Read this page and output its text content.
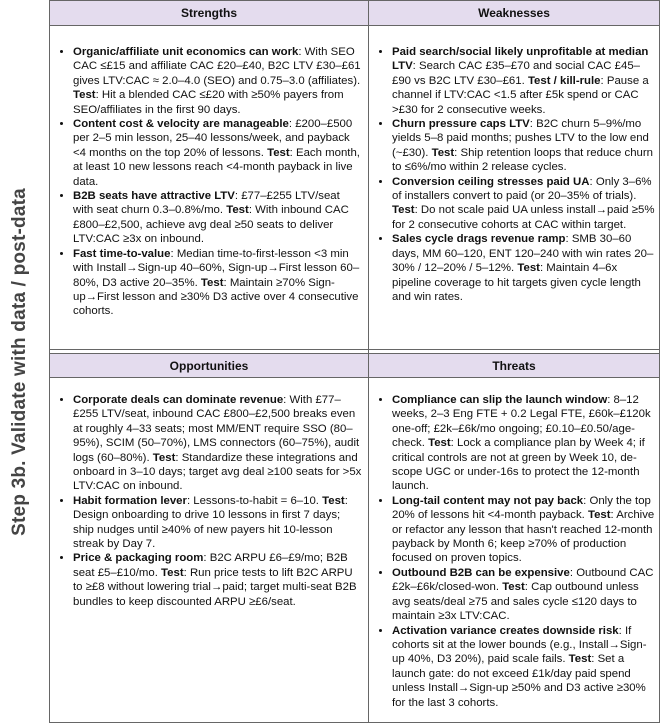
Step 3b. Validate with data / post-data
Strengths
• Organic/affiliate unit economics can work: With SEO CAC ≤£15 and affiliate CAC £20–£40, B2C LTV £30–£61 gives LTV:CAC ≈ 2.0–4.0 (SEO) and 0.75–3.0 (affiliates). Test: Hit a blended CAC ≤£20 with ≥50% payers from SEO/affiliates in the first 90 days.
• Content cost & velocity are manageable: £200–£500 per 2–5 min lesson, 25–40 lessons/week, and payback <4 months on the top 20% of lessons. Test: Each month, at least 10 new lessons reach <4-month payback in live data.
• B2B seats have attractive LTV: £77–£255 LTV/seat with seat churn 0.3–0.8%/mo. Test: With inbound CAC £800–£2,500, achieve avg deal ≥50 seats to deliver LTV:CAC ≥3x on inbound.
• Fast time-to-value: Median time-to-first-lesson <3 min with Install→Sign-up 40–60%, Sign-up→First lesson 60–80%, D3 active 20–35%. Test: Maintain ≥70% Sign-up→First lesson and ≥30% D3 active over 4 consecutive cohorts.
Weaknesses
• Paid search/social likely unprofitable at median LTV: Search CAC £35–£70 and social CAC £45–£90 vs B2C LTV £30–£61. Test / kill-rule: Pause a channel if LTV:CAC <1.5 after £5k spend or CAC >£30 for 2 consecutive weeks.
• Churn pressure caps LTV: B2C churn 5–9%/mo yields 5–8 paid months; pushes LTV to the low end (~£30). Test: Ship retention loops that reduce churn to ≤6%/mo within 2 release cycles.
• Conversion ceiling stresses paid UA: Only 3–6% of installers convert to paid (or 20–35% of trials). Test: Do not scale paid UA unless install→paid ≥5% for 2 consecutive cohorts at CAC within target.
• Sales cycle drags revenue ramp: SMB 30–60 days, MM 60–120, ENT 120–240 with win rates 20–30% / 12–20% / 5–12%. Test: Maintain 4–6x pipeline coverage to hit targets given cycle length and win rates.
Opportunities
• Corporate deals can dominate revenue: With £77–£255 LTV/seat, inbound CAC £800–£2,500 breaks even at roughly 4–33 seats; most MM/ENT require SSO (80–95%), SCIM (50–70%), LMS connectors (60–75%), audit logs (60–80%). Test: Standardize these integrations and onboard in 3–10 days; target avg deal ≥100 seats for >5x LTV:CAC on inbound.
• Habit formation lever: Lessons-to-habit = 6–10. Test: Design onboarding to drive 10 lessons in first 7 days; ship nudges until ≥40% of new payers hit 10-lesson streak by Day 7.
• Price & packaging room: B2C ARPU £6–£9/mo; B2B seat £5–£10/mo. Test: Run price tests to lift B2C ARPU to ≥£8 without lowering trial→paid; target multi-seat B2B bundles to keep discounted ARPU ≥£6/seat.
Threats
• Compliance can slip the launch window: 8–12 weeks, 2–3 Eng FTE + 0.2 Legal FTE, £60k–£120k one-off; £2k–£6k/mo ongoing; £0.10–£0.50/age-check. Test: Lock a compliance plan by Week 4; if critical controls are not at green by Week 10, de-scope UGC or under-16s to protect the 12-month launch.
• Long-tail content may not pay back: Only the top 20% of lessons hit <4-month payback. Test: Archive or refactor any lesson that hasn't reached 12-month payback by Month 6; keep ≥70% of production focused on proven topics.
• Outbound B2B can be expensive: Outbound CAC £2k–£6k/closed-won. Test: Cap outbound unless avg seats/deal ≥75 and sales cycle ≤120 days to maintain ≥3x LTV:CAC.
• Activation variance creates downside risk: If cohorts sit at the lower bounds (e.g., Install→Sign-up 40%, D3 20%), paid scale fails. Test: Set a launch gate: do not exceed £1k/day paid spend unless Install→Sign-up ≥50% and D3 active ≥30% for the last 3 cohorts.
